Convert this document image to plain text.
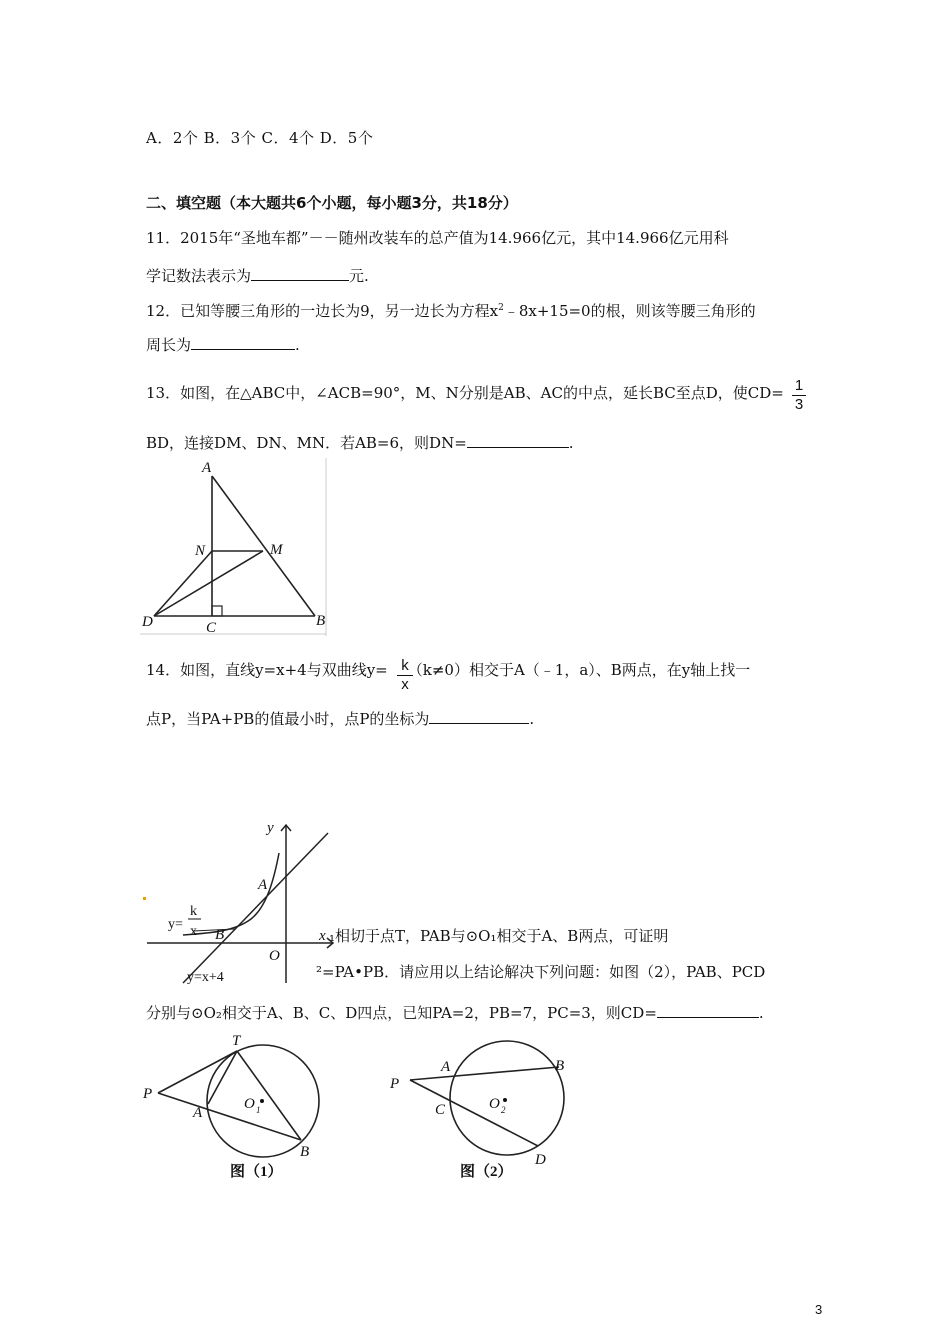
A．2个 B．3个 C．4个 D．5个
二、填空题（本大题共6个小题，每小题3分，共18分）
11．2015年“圣地车都”－－随州改装车的总产值为14.966亿元，其中14.966亿元用科
学记数法表示为	元.
12．已知等腰三角形的一边长为9，另一边长为方程$x^2﹣8x+15=0$的根，则该等腰三角形的
周长为	.
13．如图，在△ABC中，∠ACB=90°，M、N分别是AB、AC的中点，延长BC至点D，使$CD= \frac{1}{3}$
BD，连接DM、DN、MN．若AB=6，则DN=	.
A
N	M
D	C	B
14．如图，直线y=x+4与双曲线y= （k≠0）相交于A（﹣1，a）、B两点，在y轴上找一
$\frac{k}{x}$
点P，当PA+PB的值最小时，点P的坐标为	.
y
x
A
B
O
y=
k
x
y=x+4
₁相切于点T，PAB与⊙O₁相交于A、B两点，可证明
²=PA•PB．请应用以上结论解决下列问题：如图（2），PAB、PCD
分别与⊙O₂相交于A、B、C、D四点，已知PA=2，PB=7，PC=3，则CD=	.
P
T
A
B
O 1
图（1）
P
A	B
C
D
O 2
图（2）
3
